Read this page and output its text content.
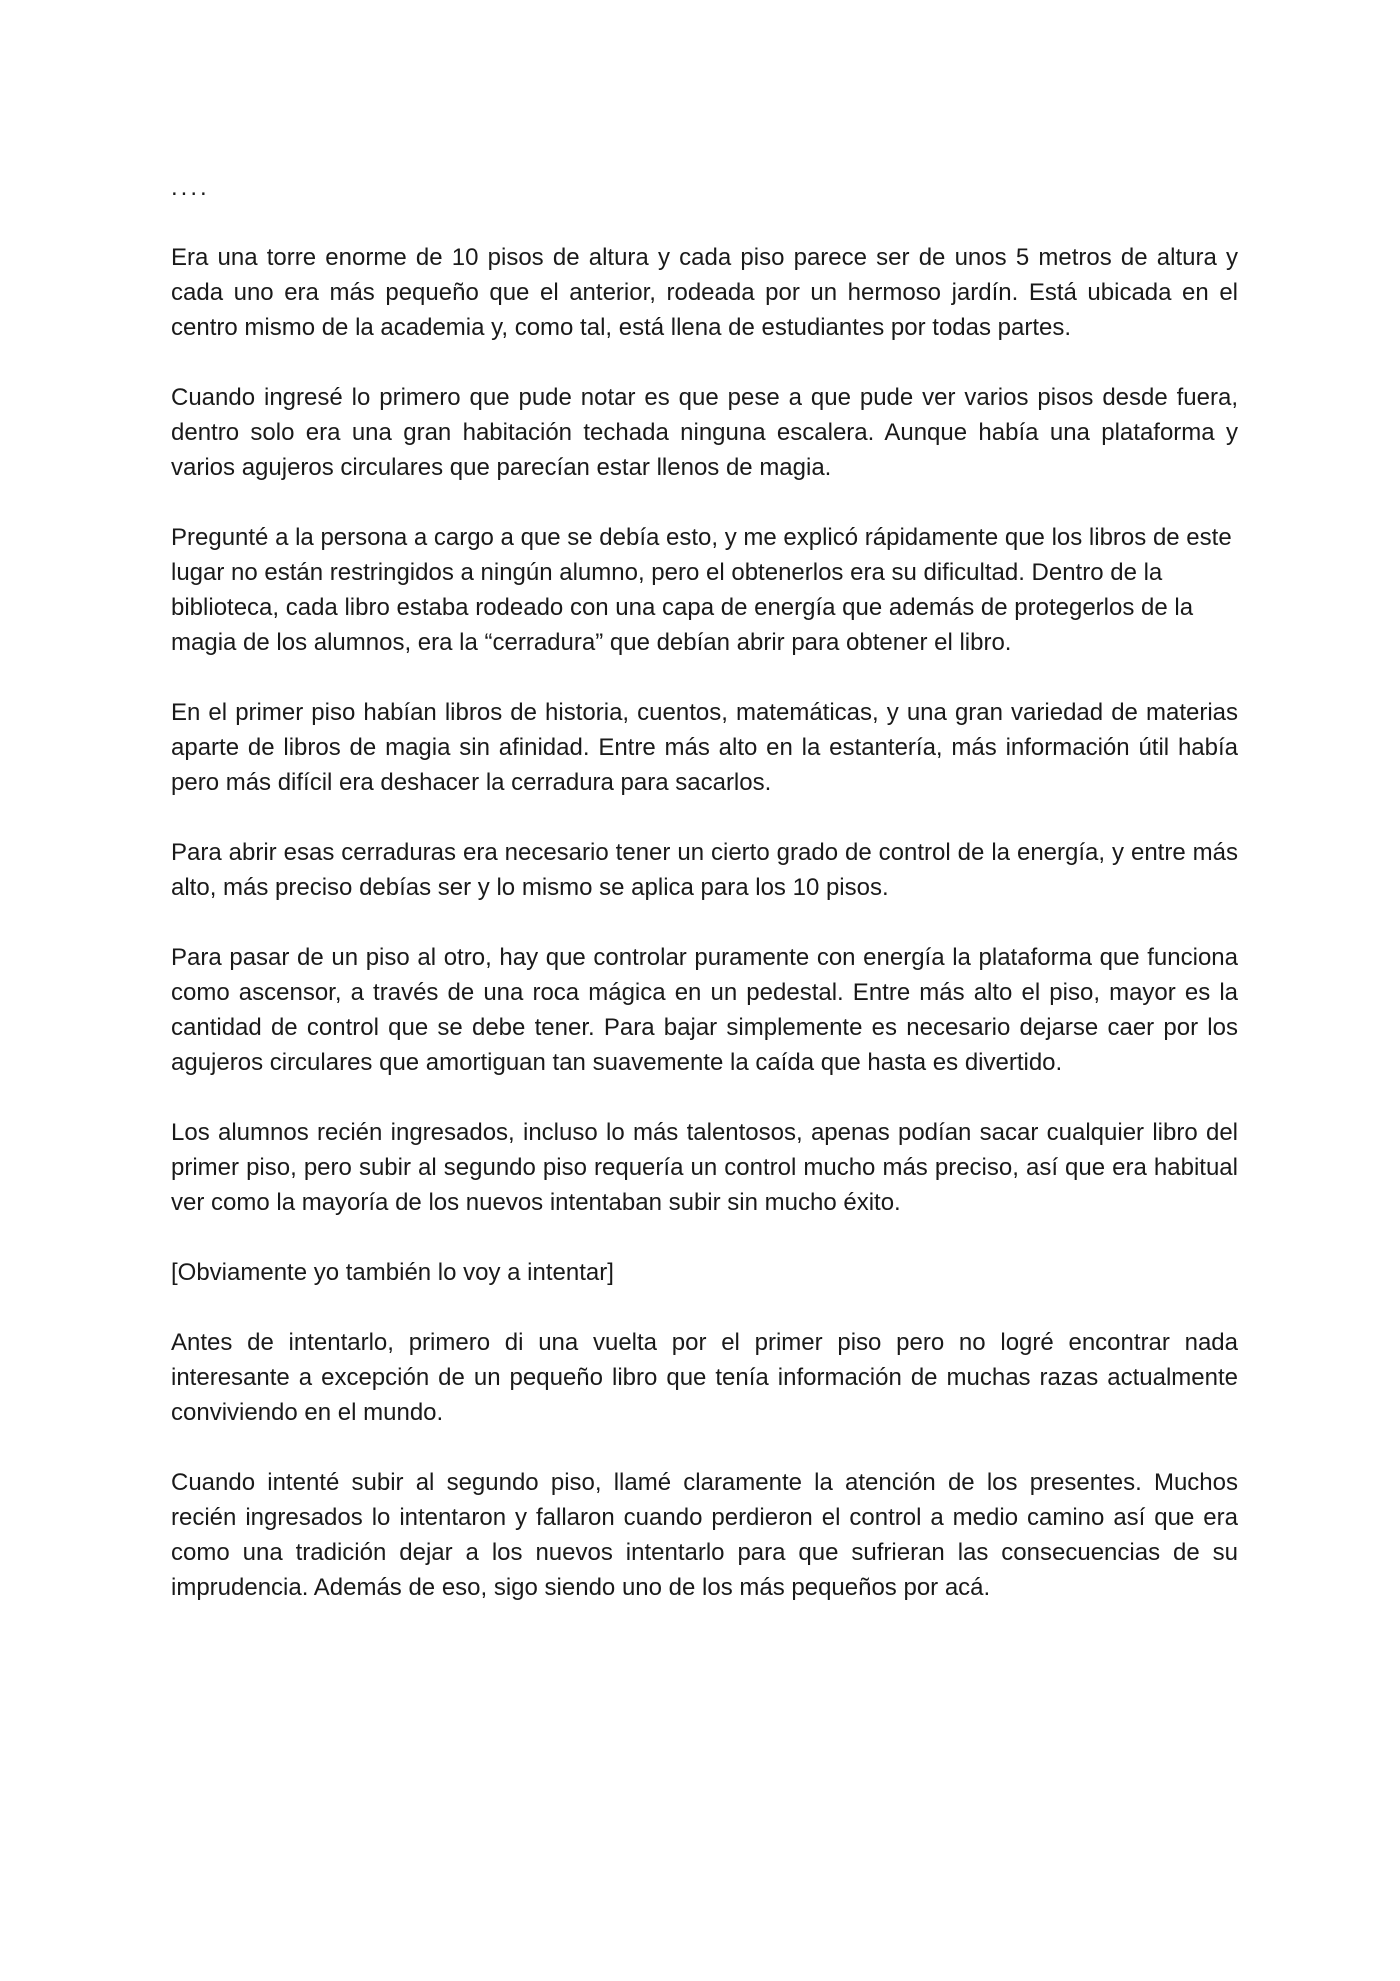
....

Era una torre enorme de 10 pisos de altura y cada piso parece ser de unos 5 metros de altura y cada uno era más pequeño que el anterior, rodeada por un hermoso jardín. Está ubicada en el centro mismo de la academia y, como tal, está llena de estudiantes por todas partes.

Cuando ingresé lo primero que pude notar es que pese a que pude ver varios pisos desde fuera, dentro solo era una gran habitación techada ninguna escalera. Aunque había una plataforma y varios agujeros circulares que parecían estar llenos de magia.

Pregunté a la persona a cargo a que se debía esto, y me explicó rápidamente que los libros de este lugar no están restringidos a ningún alumno, pero el obtenerlos era su dificultad. Dentro de la biblioteca, cada libro estaba rodeado con una capa de energía que además de protegerlos de la magia de los alumnos, era la “cerradura” que debían abrir para obtener el libro.

En el primer piso habían libros de historia, cuentos, matemáticas, y una gran variedad de materias aparte de libros de magia sin afinidad. Entre más alto en la estantería, más información útil había pero más difícil era deshacer la cerradura para sacarlos.

Para abrir esas cerraduras era necesario tener un cierto grado de control de la energía, y entre más alto, más preciso debías ser y lo mismo se aplica para los 10 pisos.

Para pasar de un piso al otro, hay que controlar puramente con energía la plataforma que funciona como ascensor, a través de una roca mágica en un pedestal. Entre más alto el piso, mayor es la cantidad de control que se debe tener. Para bajar simplemente es necesario dejarse caer por los agujeros circulares que amortiguan tan suavemente la caída que hasta es divertido.

Los alumnos recién ingresados, incluso lo más talentosos, apenas podían sacar cualquier libro del primer piso, pero subir al segundo piso requería un control mucho más preciso, así que era habitual ver como la mayoría de los nuevos intentaban subir sin mucho éxito.

[Obviamente yo también lo voy a intentar]

Antes de intentarlo, primero di una vuelta por el primer piso pero no logré encontrar nada interesante a excepción de un pequeño libro que tenía información de muchas razas actualmente conviviendo en el mundo.

Cuando intenté subir al segundo piso, llamé claramente la atención de los presentes. Muchos recién ingresados lo intentaron y fallaron cuando perdieron el control a medio camino así que era como una tradición dejar a los nuevos intentarlo para que sufrieran las consecuencias de su imprudencia. Además de eso, sigo siendo uno de los más pequeños por acá.
